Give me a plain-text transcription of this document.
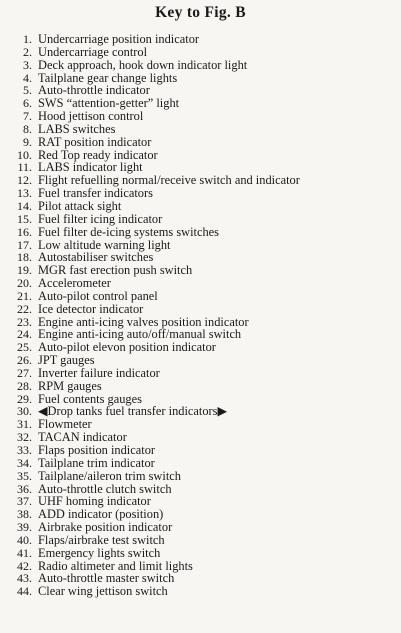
Key to Fig. B
1. Undercarriage position indicator
2. Undercarriage control
3. Deck approach, hook down indicator light
4. Tailplane gear change lights
5. Auto-throttle indicator
6. SWS “attention-getter” light
7. Hood jettison control
8. LABS switches
9. RAT position indicator
10. Red Top ready indicator
11. LABS indicator light
12. Flight refuelling normal/receive switch and indicator
13. Fuel transfer indicators
14. Pilot attack sight
15. Fuel filter icing indicator
16. Fuel filter de-icing systems switches
17. Low altitude warning light
18. Autostabiliser switches
19. MGR fast erection push switch
20. Accelerometer
21. Auto-pilot control panel
22. Ice detector indicator
23. Engine anti-icing valves position indicator
24. Engine anti-icing auto/off/manual switch
25. Auto-pilot elevon position indicator
26. JPT gauges
27. Inverter failure indicator
28. RPM gauges
29. Fuel contents gauges
30. ◀Drop tanks fuel transfer indicators▶
31. Flowmeter
32. TACAN indicator
33. Flaps position indicator
34. Tailplane trim indicator
35. Tailplane/aileron trim switch
36. Auto-throttle clutch switch
37. UHF homing indicator
38. ADD indicator (position)
39. Airbrake position indicator
40. Flaps/airbrake test switch
41. Emergency lights switch
42. Radio altimeter and limit lights
43. Auto-throttle master switch
44. Clear wing jettison switch
